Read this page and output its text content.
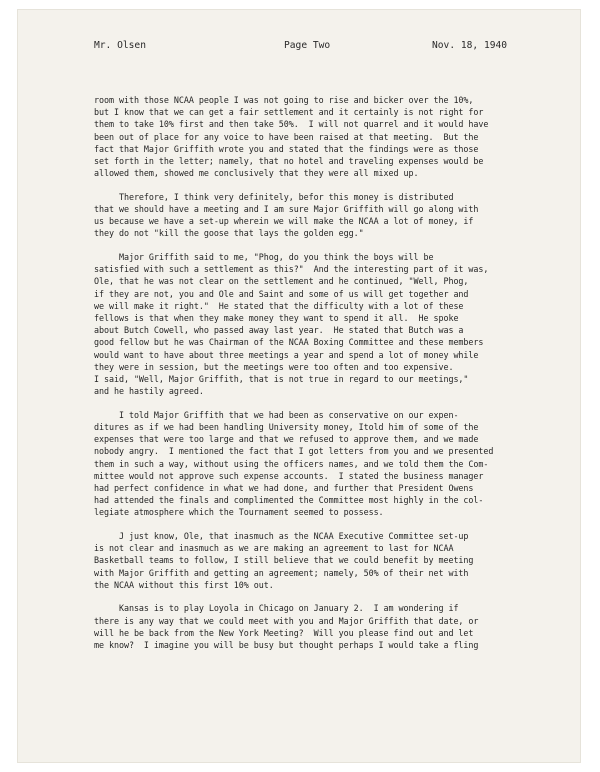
Mr. Olsen	Page Two	Nov. 18, 1940
room with those NCAA people I was not going to rise and bicker over the 10%,
but I know that we can get a fair settlement and it certainly is not right for
them to take 10% first and then take 50%.  I will not quarrel and it would have
been out of place for any voice to have been raised at that meeting.  But the
fact that Major Griffith wrote you and stated that the findings were as those
set forth in the letter; namely, that no hotel and traveling expenses would be
allowed them, showed me conclusively that they were all mixed up.
Therefore, I think very definitely, befor this money is distributed
that we should have a meeting and I am sure Major Griffith will go along with
us because we have a set-up wherein we will make the NCAA a lot of money, if
they do not "kill the goose that lays the golden egg."
Major Griffith said to me, "Phog, do you think the boys will be
satisfied with such a settlement as this?"  And the interesting part of it was,
Ole, that he was not clear on the settlement and he continued, "Well, Phog,
if they are not, you and Ole and Saint and some of us will get together and
we will make it right."  He stated that the difficulty with a lot of these
fellows is that when they make money they want to spend it all.  He spoke
about Butch Cowell, who passed away last year.  He stated that Butch was a
good fellow but he was Chairman of the NCAA Boxing Committee and these members
would want to have about three meetings a year and spend a lot of money while
they were in session, but the meetings were too often and too expensive.
I said, "Well, Major Griffith, that is not true in regard to our meetings,"
and he hastily agreed.
I told Major Griffith that we had been as conservative on our expen-
ditures as if we had been handling University money, Itold him of some of the
expenses that were too large and that we refused to approve them, and we made
nobody angry.  I mentioned the fact that I got letters from you and we presented
them in such a way, without using the officers names, and we told them the Com-
mittee would not approve such expense accounts.  I stated the business manager
had perfect confidence in what we had done, and further that President Owens
had attended the finals and complimented the Committee most highly in the col-
legiate atmosphere which the Tournament seemed to possess.
J just know, Ole, that inasmuch as the NCAA Executive Committee set-up
is not clear and inasmuch as we are making an agreement to last for NCAA
Basketball teams to follow, I still believe that we could benefit by meeting
with Major Griffith and getting an agreement; namely, 50% of their net with
the NCAA without this first 10% out.
Kansas is to play Loyola in Chicago on January 2.  I am wondering if
there is any way that we could meet with you and Major Griffith that date, or
will he be back from the New York Meeting?  Will you please find out and let
me know?  I imagine you will be busy but thought perhaps I would take a fling
